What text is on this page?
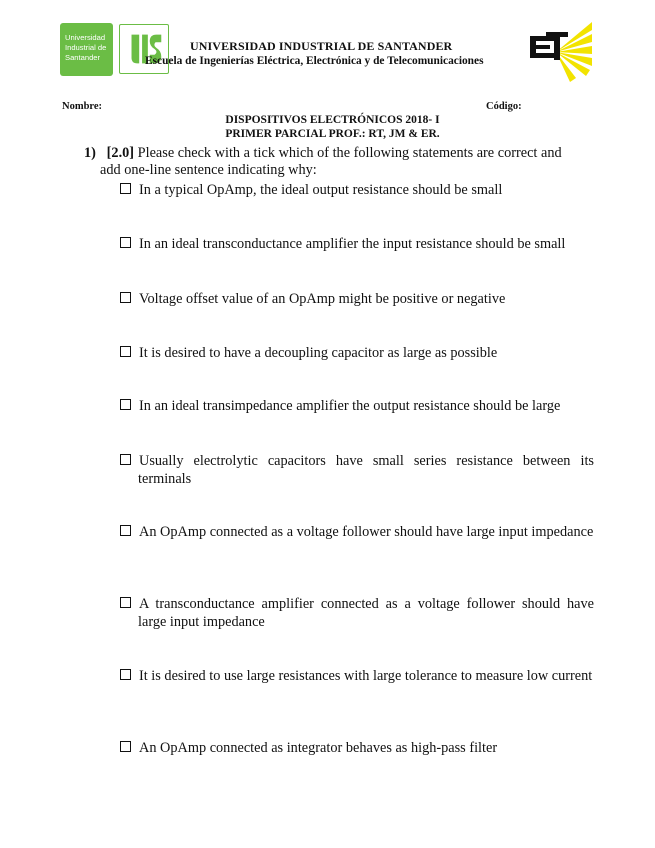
Universidad
Industrial de
Santander
UNIVERSIDAD INDUSTRIAL DE SANTANDER
Escuela de Ingenierías Eléctrica, Electrónica y de Telecomunicaciones
Nombre:	Código:
DISPOSITIVOS ELECTRÓNICOS 2018- I
PRIMER PARCIAL PROF.: RT, JM & ER.
1) [2.0] Please check with a tick which of the following statements are correct and
add one-line sentence indicating why:
In a typical OpAmp, the ideal output resistance should be small
In an ideal transconductance amplifier the input resistance should be small
Voltage offset value of an OpAmp might be positive or negative
It is desired to have a decoupling capacitor as large as possible
In an ideal transimpedance amplifier the output resistance should be large
Usually electrolytic capacitors have small series resistance between its terminals
An OpAmp connected as a voltage follower should have large input impedance
A transconductance amplifier connected as a voltage follower should have large input impedance
It is desired to use large resistances with large tolerance to measure low current
An OpAmp connected as integrator behaves as high-pass filter
